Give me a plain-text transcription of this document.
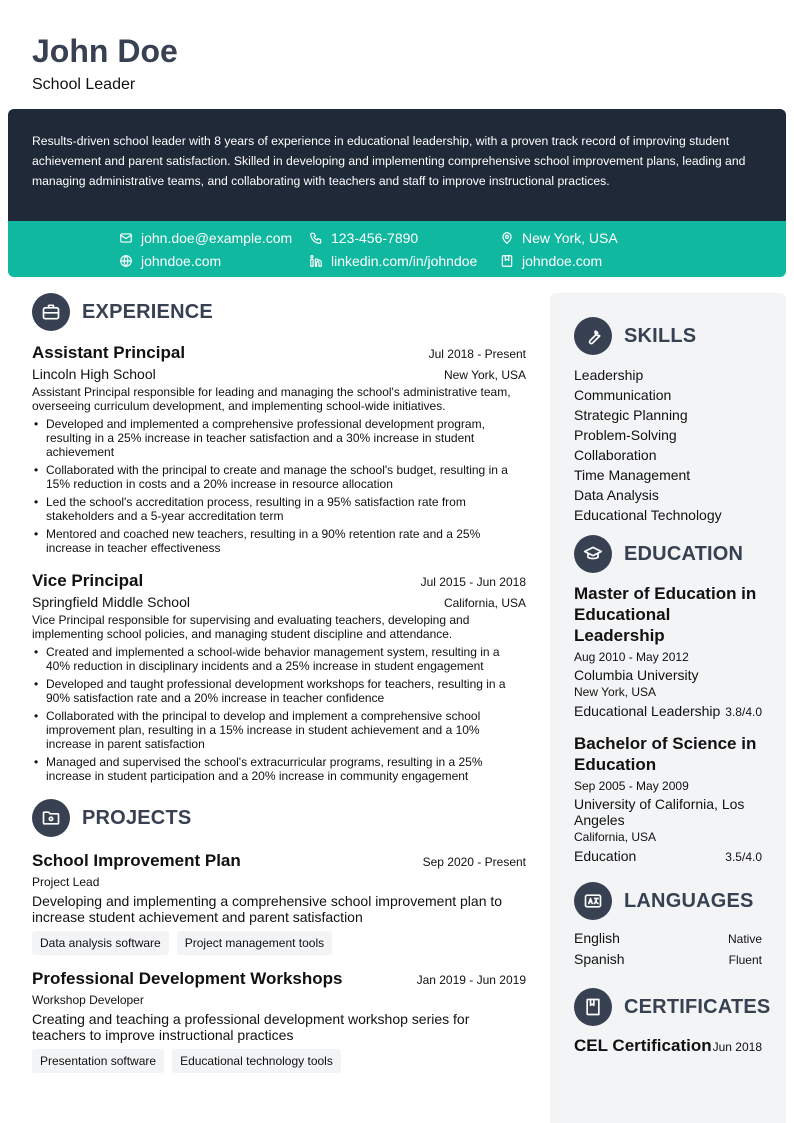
John Doe
School Leader

Results-driven school leader with 8 years of experience in educational leadership, with a proven track record of improving student achievement and parent satisfaction. Skilled in developing and implementing comprehensive school improvement plans, leading and managing administrative teams, and collaborating with teachers and staff to improve instructional practices.

john.doe@example.com	123-456-7890	New York, USA
johndoe.com	linkedin.com/in/johndoe	johndoe.com
EXPERIENCE
Assistant Principal	Jul 2018 - Present
Lincoln High School	New York, USA
Assistant Principal responsible for leading and managing the school's administrative team, overseeing curriculum development, and implementing school-wide initiatives.
• Developed and implemented a comprehensive professional development program, resulting in a 25% increase in teacher satisfaction and a 30% increase in student achievement
• Collaborated with the principal to create and manage the school's budget, resulting in a 15% reduction in costs and a 20% increase in resource allocation
• Led the school's accreditation process, resulting in a 95% satisfaction rate from stakeholders and a 5-year accreditation term
• Mentored and coached new teachers, resulting in a 90% retention rate and a 25% increase in teacher effectiveness
Vice Principal	Jul 2015 - Jun 2018
Springfield Middle School	California, USA
Vice Principal responsible for supervising and evaluating teachers, developing and implementing school policies, and managing student discipline and attendance.
• Created and implemented a school-wide behavior management system, resulting in a 40% reduction in disciplinary incidents and a 25% increase in student engagement
• Developed and taught professional development workshops for teachers, resulting in a 90% satisfaction rate and a 20% increase in teacher confidence
• Collaborated with the principal to develop and implement a comprehensive school improvement plan, resulting in a 15% increase in student achievement and a 10% increase in parent satisfaction
• Managed and supervised the school's extracurricular programs, resulting in a 25% increase in student participation and a 20% increase in community engagement
PROJECTS
School Improvement Plan	Sep 2020 - Present
Project Lead
Developing and implementing a comprehensive school improvement plan to increase student achievement and parent satisfaction
Data analysis software	Project management tools
Professional Development Workshops	Jan 2019 - Jun 2019
Workshop Developer
Creating and teaching a professional development workshop series for teachers to improve instructional practices
Presentation software	Educational technology tools
SKILLS
Leadership
Communication
Strategic Planning
Problem-Solving
Collaboration
Time Management
Data Analysis
Educational Technology
EDUCATION
Master of Education in Educational Leadership
Aug 2010 - May 2012
Columbia University
New York, USA
Educational Leadership 3.8/4.0
Bachelor of Science in Education
Sep 2005 - May 2009
University of California, Los Angeles
California, USA
Education	3.5/4.0
LANGUAGES
English	Native
Spanish	Fluent
CERTIFICATES
CEL Certification Jun 2018
